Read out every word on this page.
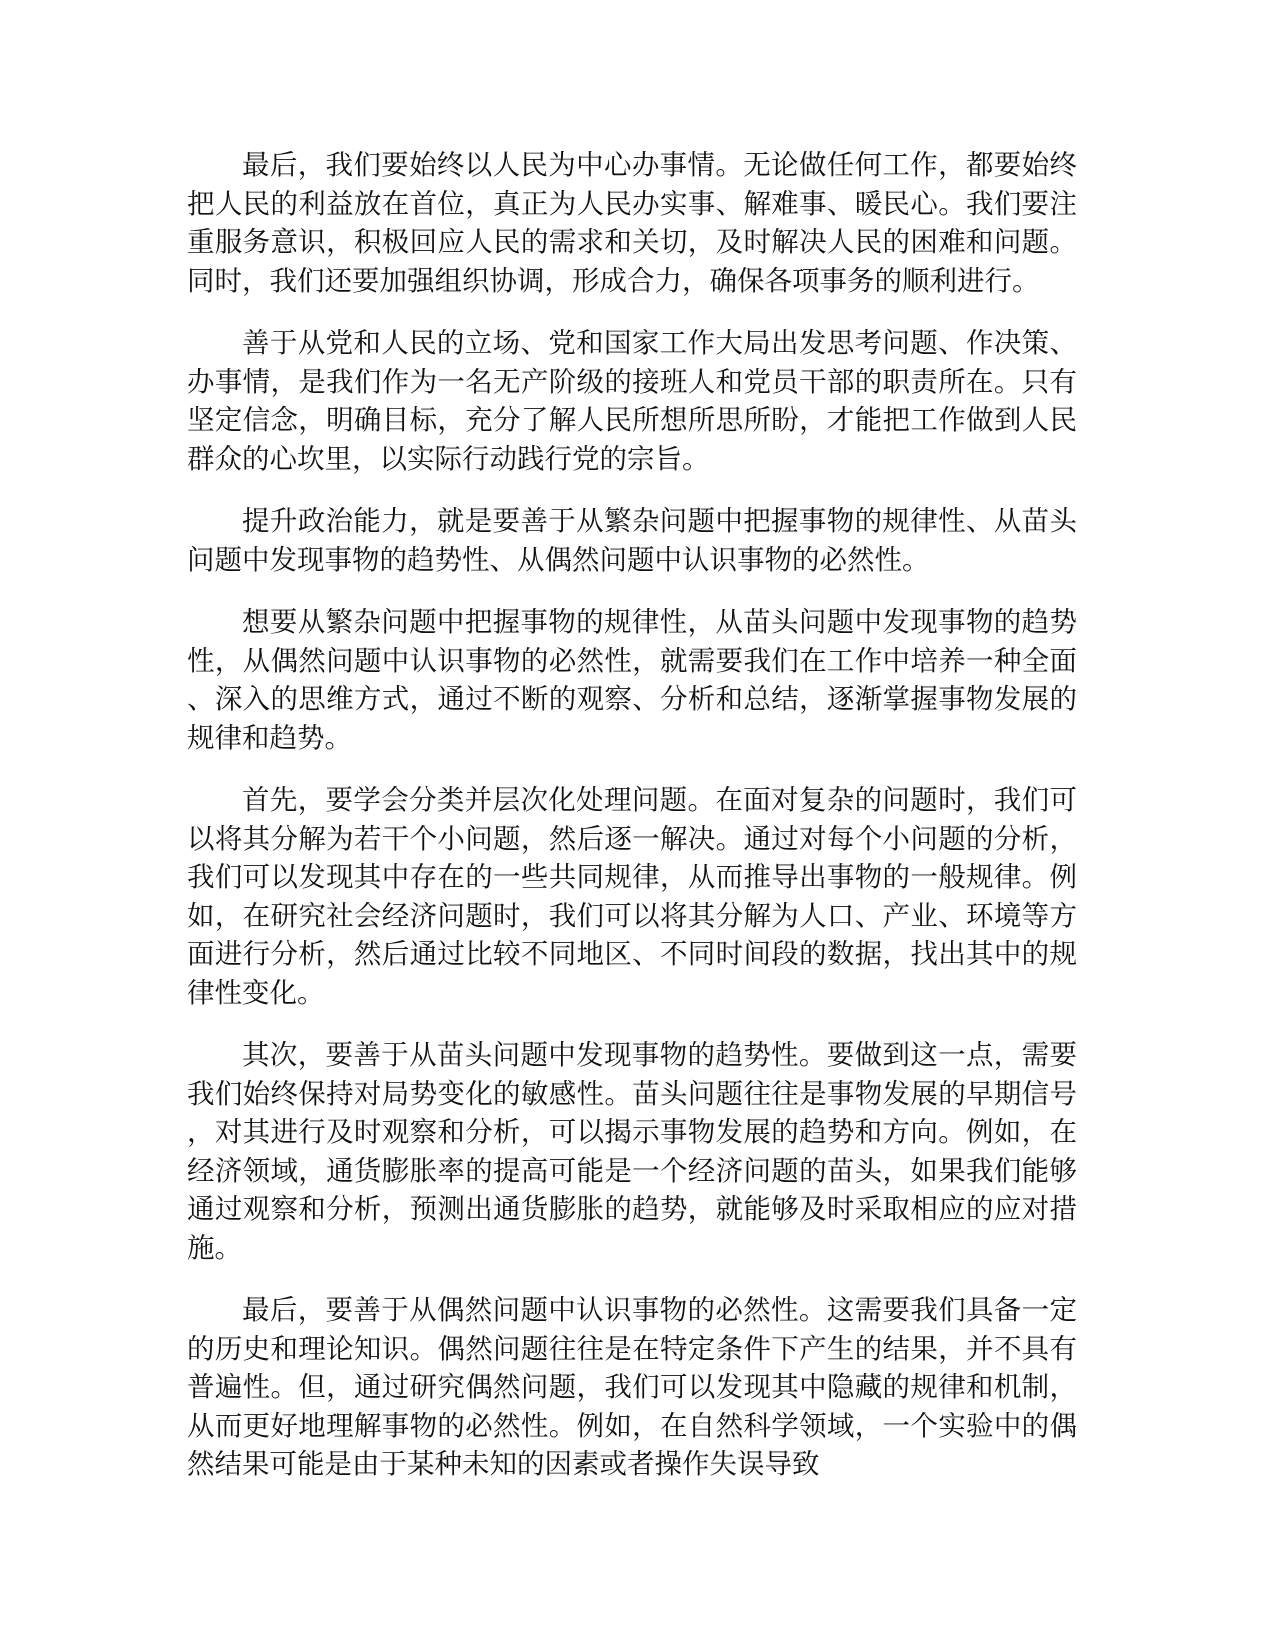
最后，我们要始终以人民为中心办事情。无论做任何工作，都要始终把人民的利益放在首位，真正为人民办实事、解难事、暖民心。我们要注重服务意识，积极回应人民的需求和关切，及时解决人民的困难和问题。同时，我们还要加强组织协调，形成合力，确保各项事务的顺利进行。

善于从党和人民的立场、党和国家工作大局出发思考问题、作决策、办事情，是我们作为一名无产阶级的接班人和党员干部的职责所在。只有坚定信念，明确目标，充分了解人民所想所思所盼，才能把工作做到人民群众的心坎里，以实际行动践行党的宗旨。

提升政治能力，就是要善于从繁杂问题中把握事物的规律性、从苗头问题中发现事物的趋势性、从偶然问题中认识事物的必然性。

想要从繁杂问题中把握事物的规律性，从苗头问题中发现事物的趋势性，从偶然问题中认识事物的必然性，就需要我们在工作中培养一种全面、深入的思维方式，通过不断的观察、分析和总结，逐渐掌握事物发展的规律和趋势。

首先，要学会分类并层次化处理问题。在面对复杂的问题时，我们可以将其分解为若干个小问题，然后逐一解决。通过对每个小问题的分析，我们可以发现其中存在的一些共同规律，从而推导出事物的一般规律。例如，在研究社会经济问题时，我们可以将其分解为人口、产业、环境等方面进行分析，然后通过比较不同地区、不同时间段的数据，找出其中的规律性变化。

其次，要善于从苗头问题中发现事物的趋势性。要做到这一点，需要我们始终保持对局势变化的敏感性。苗头问题往往是事物发展的早期信号，对其进行及时观察和分析，可以揭示事物发展的趋势和方向。例如，在经济领域，通货膨胀率的提高可能是一个经济问题的苗头，如果我们能够通过观察和分析，预测出通货膨胀的趋势，就能够及时采取相应的应对措施。

最后，要善于从偶然问题中认识事物的必然性。这需要我们具备一定的历史和理论知识。偶然问题往往是在特定条件下产生的结果，并不具有普遍性。但，通过研究偶然问题，我们可以发现其中隐藏的规律和机制，从而更好地理解事物的必然性。例如，在自然科学领域，一个实验中的偶然结果可能是由于某种未知的因素或者操作失误导致
